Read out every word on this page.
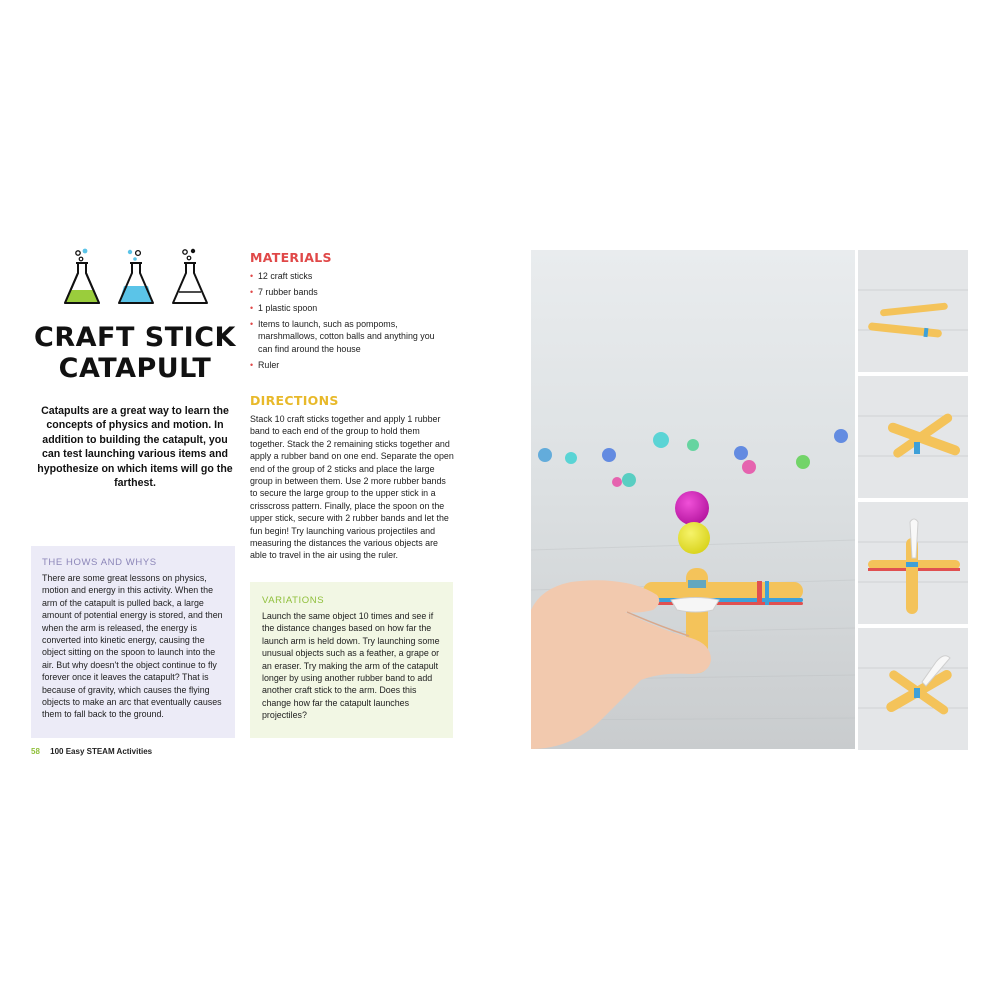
CRAFT STICK
CATAPULT

Catapults are a great way to learn the concepts of physics and motion. In addition to building the catapult, you can test launching various items and hypothesize on which items will go the farthest.

THE HOWS AND WHYS

There are some great lessons on physics, motion and energy in this activity. When the arm of the catapult is pulled back, a large amount of potential energy is stored, and then when the arm is released, the energy is converted into kinetic energy, causing the object sitting on the spoon to launch into the air. But why doesn't the object continue to fly forever once it leaves the catapult? That is because of gravity, which causes the flying objects to make an arc that eventually causes them to fall back to the ground.

58 100 Easy STEAM Activities
MATERIALS
• 12 craft sticks
• 7 rubber bands
• 1 plastic spoon
• Items to launch, such as pompoms, marshmallows, cotton balls and anything you can find around the house
• Ruler
DIRECTIONS

Stack 10 craft sticks together and apply 1 rubber band to each end of the group to hold them together. Stack the 2 remaining sticks together and apply a rubber band on one end. Separate the open end of the group of 2 sticks and place the large group in between them. Use 2 more rubber bands to secure the large group to the upper stick in a crisscross pattern. Finally, place the spoon on the upper stick, secure with 2 rubber bands and let the fun begin! Try launching various projectiles and measuring the distances the various objects are able to travel in the air using the ruler.

VARIATIONS

Launch the same object 10 times and see if the distance changes based on how far the launch arm is held down. Try launching some unusual objects such as a feather, a grape or an eraser. Try making the arm of the catapult longer by using another rubber band to add another craft stick to the arm. Does this change how far the catapult launches projectiles?
